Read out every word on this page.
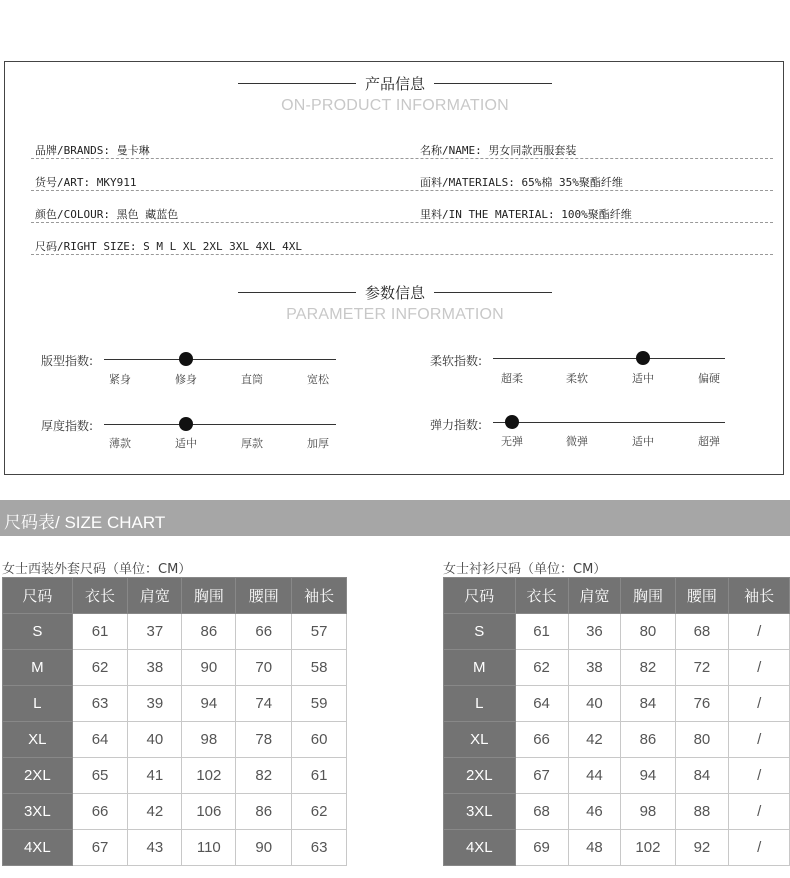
产品信息
ON-PRODUCT INFORMATION
品牌/BRANDS: 曼卡琳	名称/NAME: 男女同款西服套装
货号/ART: MKY911	面料/MATERIALS: 65%棉 35%聚酯纤维
颜色/COLOUR: 黑色 藏蓝色	里料/IN THE MATERIAL: 100%聚酯纤维
尺码/RIGHT SIZE: S M L XL 2XL 3XL 4XL 4XL
参数信息
PARAMETER INFORMATION
版型指数:
紧身	修身	直筒	宽松
柔软指数:
超柔	柔软	适中	偏硬
厚度指数:
薄款	适中	厚款	加厚
弹力指数:
无弹	微弹	适中	超弹
尺码表/ SIZE CHART
女士西装外套尺码（单位：CM）	女士衬衫尺码（单位：CM）
尺码	衣长	肩宽	胸围	腰围	袖长
S	61	37	86	66	57
M	62	38	90	70	58
L	63	39	94	74	59
XL	64	40	98	78	60
2XL	65	41	102	82	61
3XL	66	42	106	86	62
4XL	67	43	110	90	63
尺码	衣长	肩宽	胸围	腰围	袖长
S	61	36	80	68	/
M	62	38	82	72	/
L	64	40	84	76	/
XL	66	42	86	80	/
2XL	67	44	94	84	/
3XL	68	46	98	88	/
4XL	69	48	102	92	/
